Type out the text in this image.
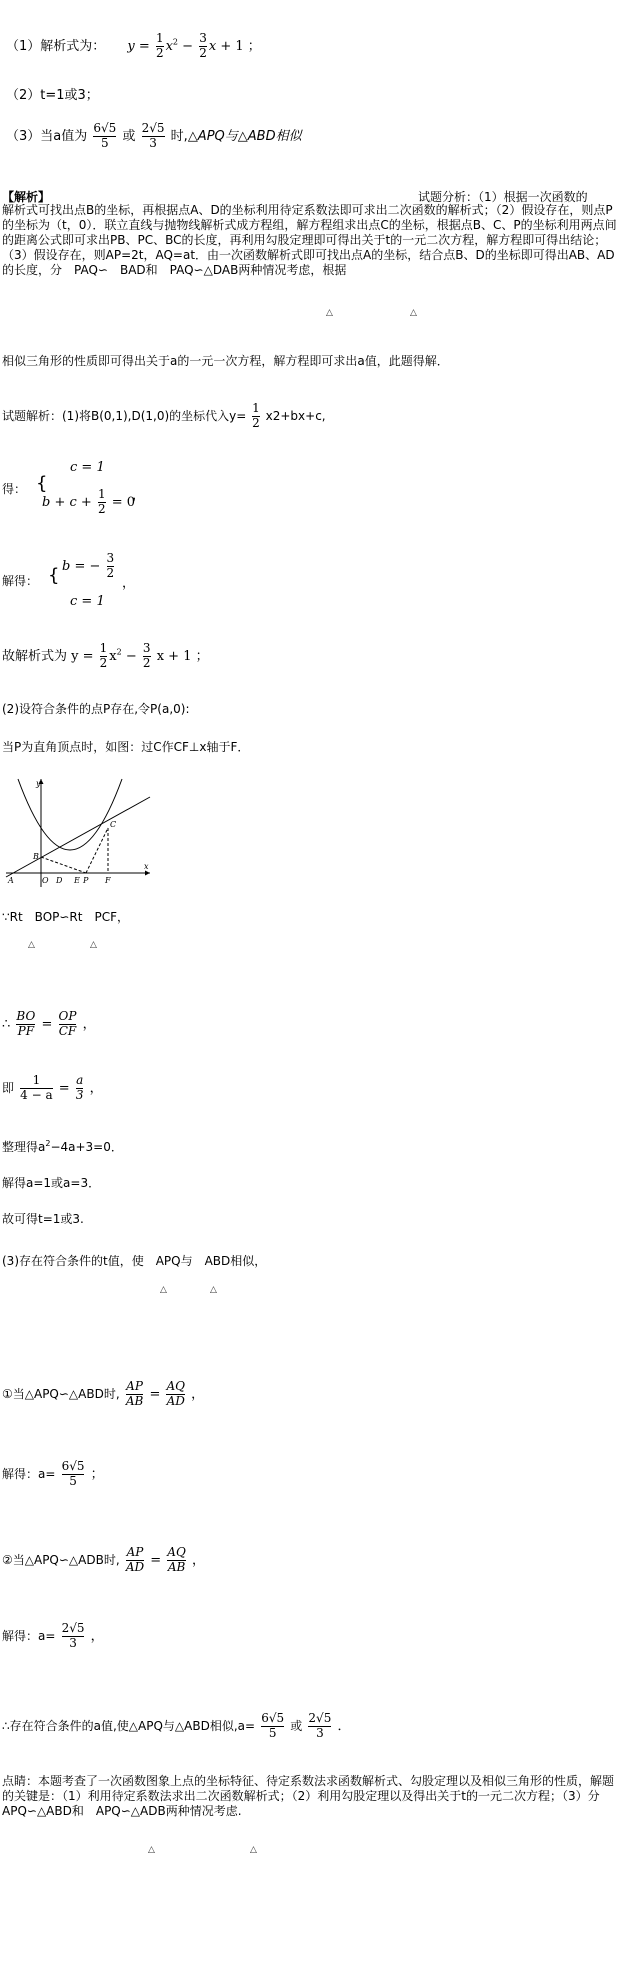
（1）解析式为： $y = \frac{1}{2} x^2 - \frac{3}{2}$ x + 1 ；
（2）t=1或3；
（3）当a值为 $\frac{6√5}{5}$ 或 $\frac{2√5}{3}$ 时,△APQ与△ABD相似
【解析】	试题分析：（1）根据一次函数的
解析式可找出点B的坐标，再根据点A、D的坐标利用待定系数法即可求出二次函数的解析式；（2）假设存在，则点P的坐标为（t，0）．联立直线与抛物线解析式成方程组，解方程组求出点C的坐标，根据点B、C、P的坐标利用两点间的距离公式即可求出PB、PC、BC的长度，再利用勾股定理即可得出关于t的一元二次方程，解方程即可得出结论；（3）假设存在，则AP=2t，AQ=at．由一次函数解析式即可找出点A的坐标，结合点B、D的坐标即可得出AB、AD的长度，分　PAQ∽　BAD和　PAQ∽△DAB两种情况考虑，根据
△	△
相似三角形的性质即可得出关于a的一元一次方程，解方程即可求出a值，此题得解．
试题解析：(1)将B(0,1),D(1,0)的坐标代入$y= \frac{1}{2} x2+bx+c$,
得： {
c = 1
$b + c + \frac{1}{2} = 0$
，
解得： { b = − $\frac{3}{2}$
c = 1
，
故解析式为 $y = \frac{1}{2} x^2 - \frac{3}{2}$ x + 1 ；
(2)设符合条件的点P存在,令P(a,0):
当P为直角顶点时，如图：过C作CF⊥x轴于F．
y
x
A	O D E P F
B
C
∵Rt　BOP∽Rt　PCF，
△	△
∴ $\frac{BO}{PF} = \frac{OP}{CF}$ ，
即 $\frac{1}{4 - a} = \frac{a}{3}$ ，
整理得$a^2-4a+3=0$．
解得a=1或a=3．
故可得t=1或3.
(3)存在符合条件的t值，使　APQ与　ABD相似，
△	△
①当△APQ∽△ABD时, $\frac{AP}{AB} = \frac{AQ}{AD}$ ，
解得：$a= \frac{6√5}{5}$ ；
②当△APQ∽△ADB时, $\frac{AP}{AD} = \frac{AQ}{AB}$ ，
解得：$a= \frac{2√5}{3}$ ，
∴存在符合条件的a值,使△APQ与△ABD相似$,a= \frac{6√5}{5}$ 或 $\frac{2√5}{3}$ ．
点睛：本题考查了一次函数图象上点的坐标特征、待定系数法求函数解析式、勾股定理以及相似三角形的性质，解题的关键是：（1）利用待定系数法求出二次函数解析式；（2）利用勾股定理以及得出关于t的一元二次方程；（3）分　APQ∽△ABD和　APQ∽△ADB两种情况考虑.
△	△
